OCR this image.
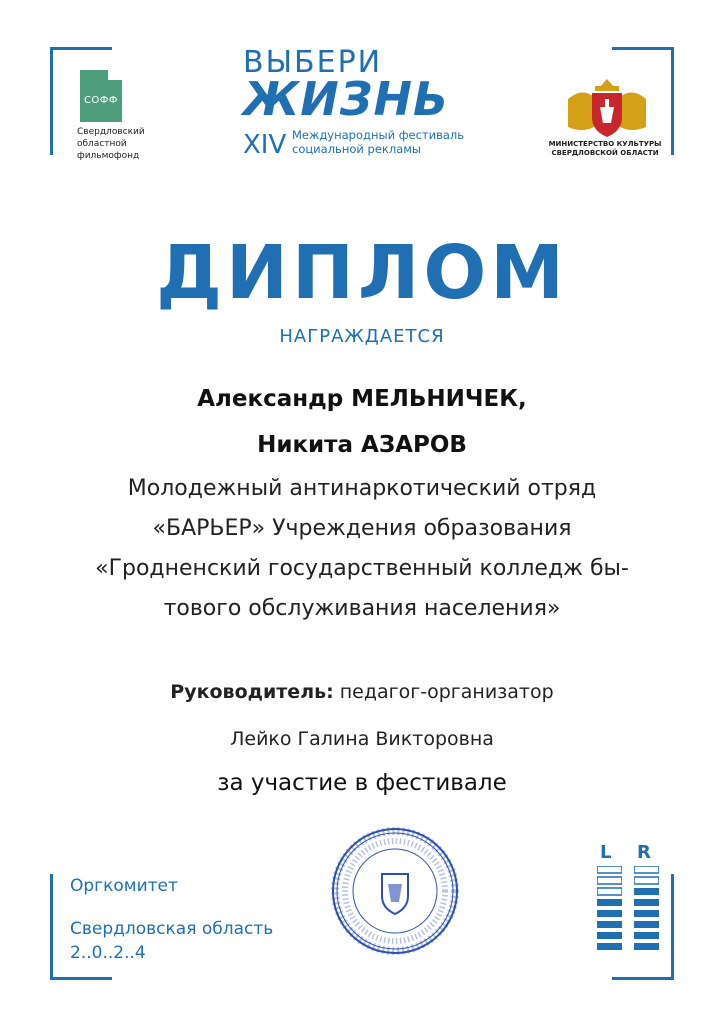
СОФФ
Свердловский
областной
фильмофонд
ВЫБЕРИ
ЖИЗНЬ
XIV Международный фестиваль
социальной рекламы	МИНИСТЕРСТВО КУЛЬТУРЫ
СВЕРДЛОВСКОЙ ОБЛАСТИ
ДИПЛОМ
НАГРАЖДАЕТСЯ
Александр МЕЛЬНИЧЕК,
Никита АЗАРОВ
Молодежный антинаркотический отряд
«БАРЬЕР» Учреждения образования
«Гродненский государственный колледж бы-
тового обслуживания населения»
Руководитель: педагог-организатор
Лейко Галина Викторовна
за участие в фестивале
Оргкомитет
Свердловская область
2..0..2..4
L R
